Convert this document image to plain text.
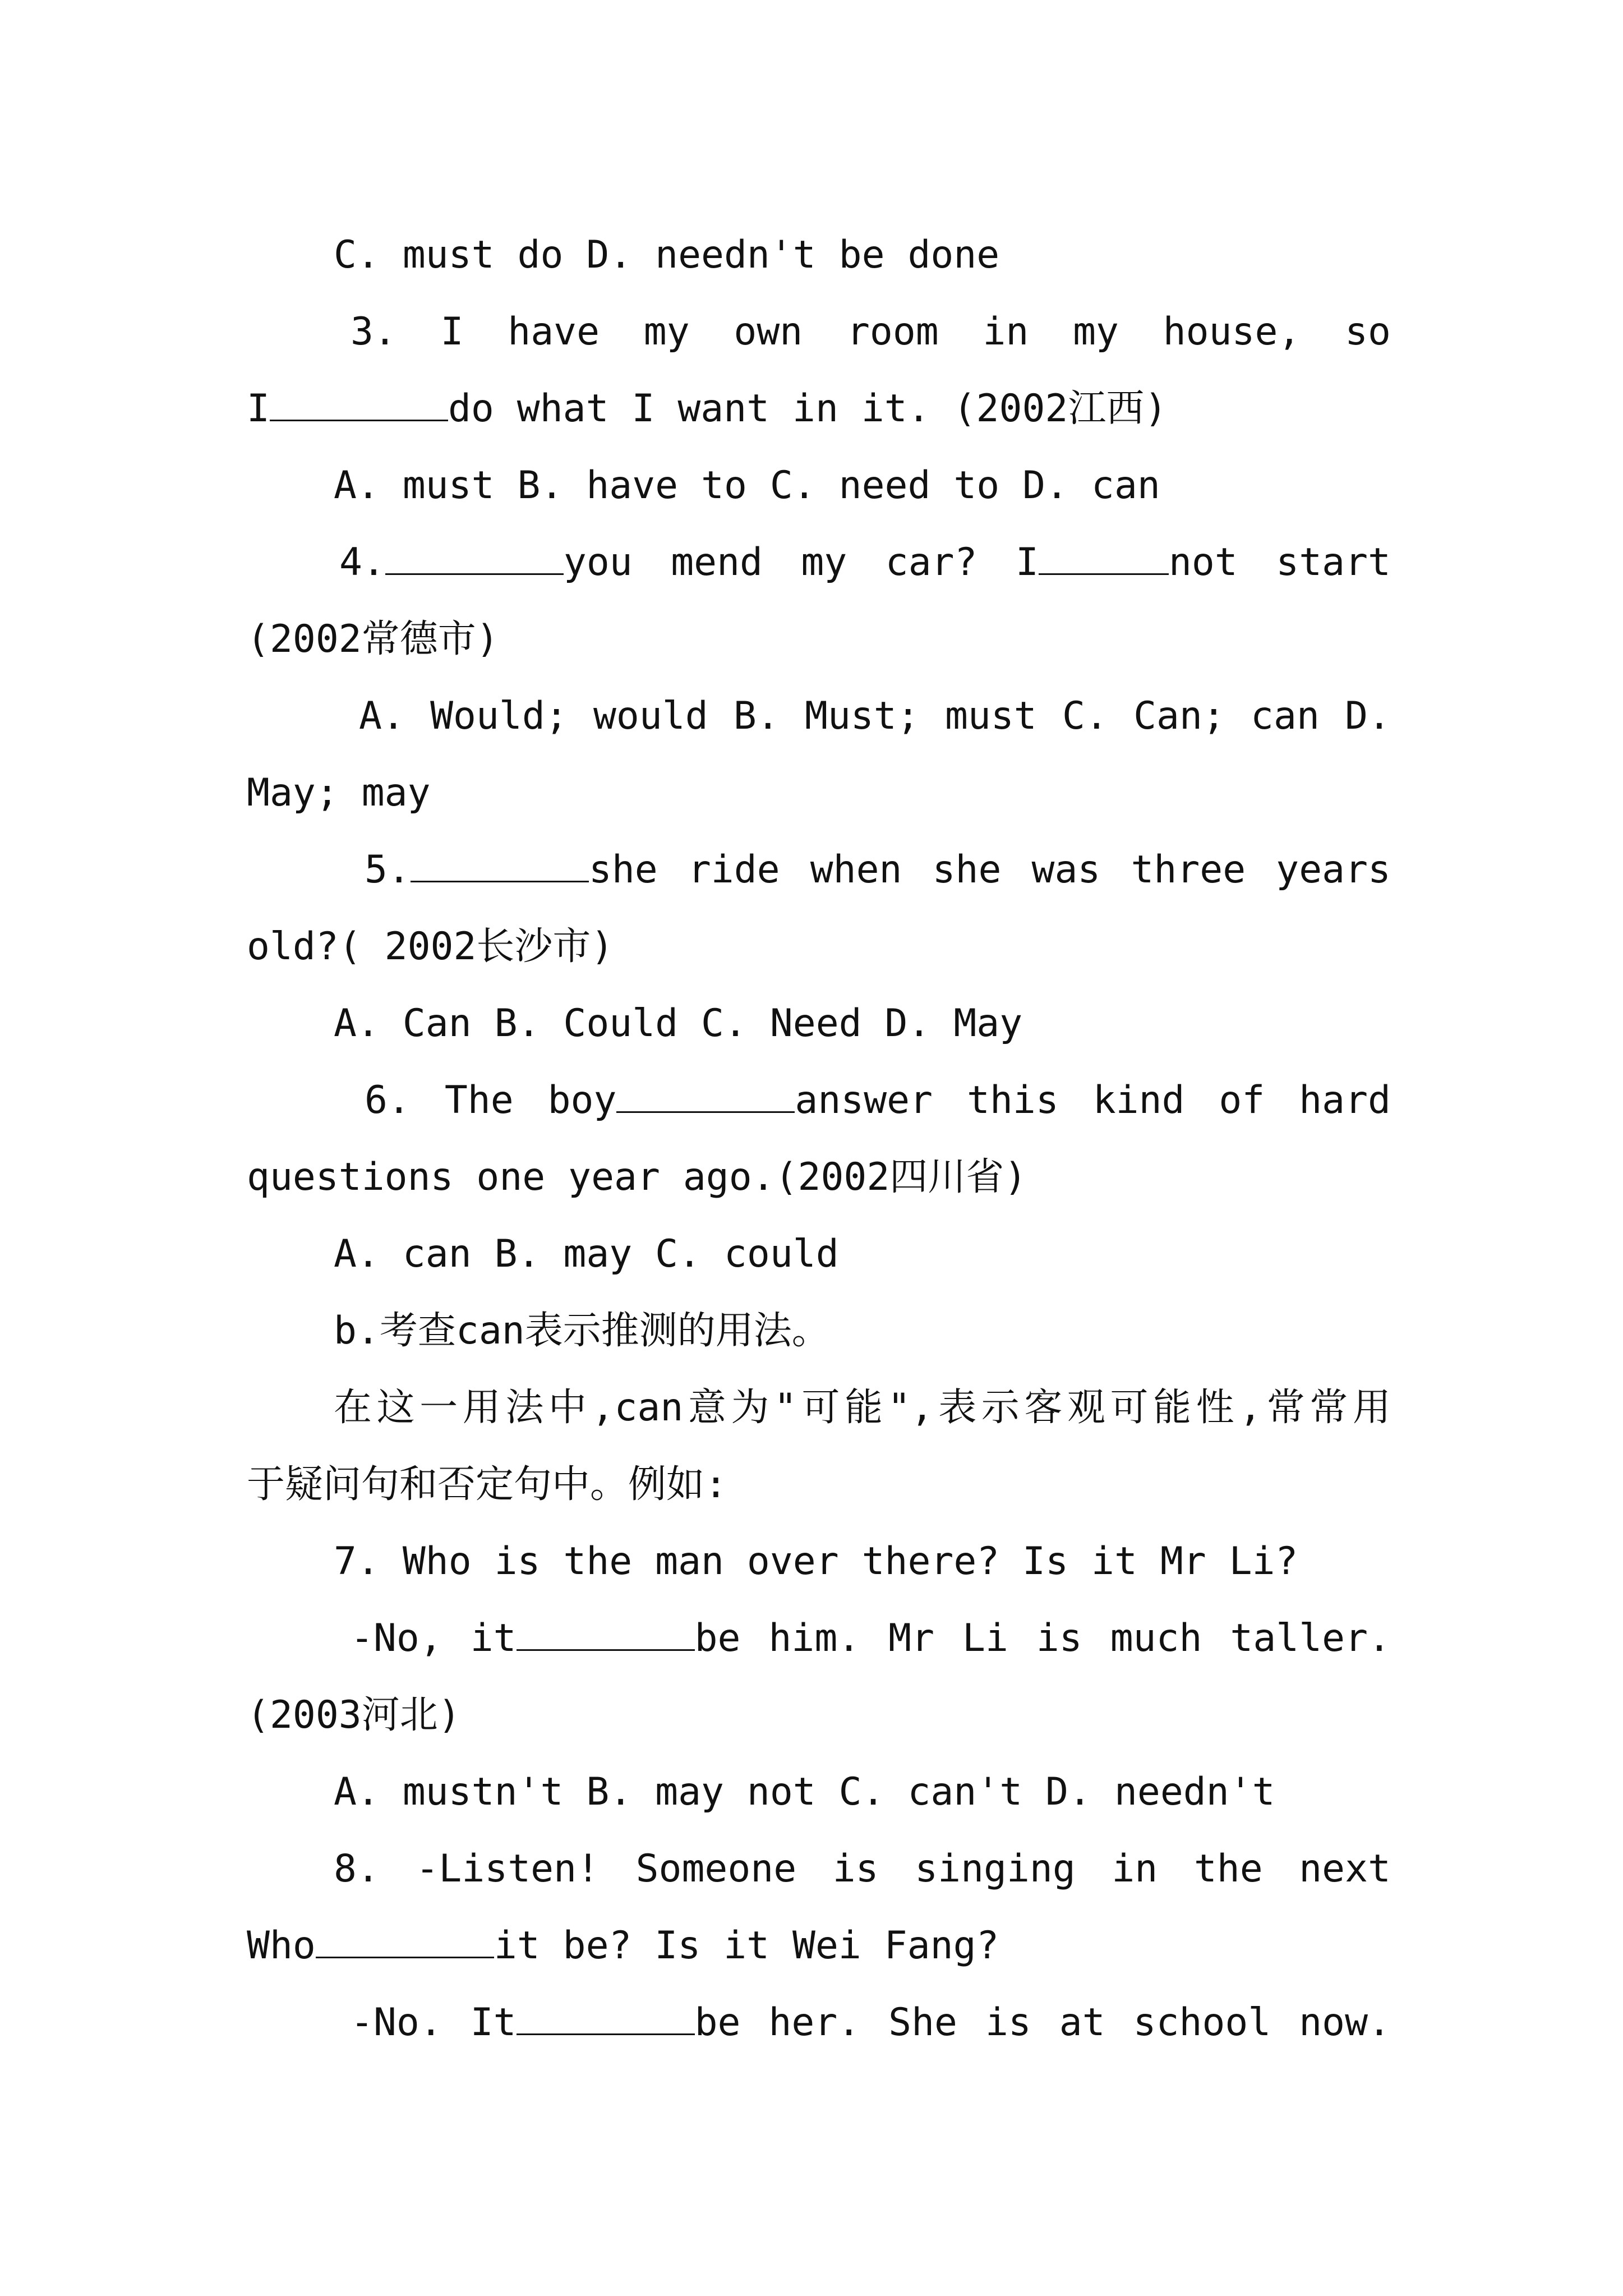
C. must do D. needn't be done
3. I have my own room in my house, so
I	do what I want in it. (2002江西)
A. must B. have to C. need to D. can
4.	you mend my car? I	not start
(2002常德市)
A. Would; would B. Must; must C. Can; can D.
May; may
5.	she ride when she was three years
old?( 2002长沙市)
A. Can B. Could C. Need D. May
6. The boy	answer this kind of hard
questions one year ago.(2002四川省)
A. can B. may C. could
b.考查can表示推测的用法。
在这一用法中,can意为"可能",表示客观可能性,常常用
于疑问句和否定句中。例如:
7. Who is the man over there? Is it Mr Li?
-No, it	be him. Mr Li is much taller.
(2003河北)
A. mustn't B. may not C. can't D. needn't
8. -Listen! Someone is singing in the next
Who	it be? Is it Wei Fang?
-No. It	be her. She is at school now.
